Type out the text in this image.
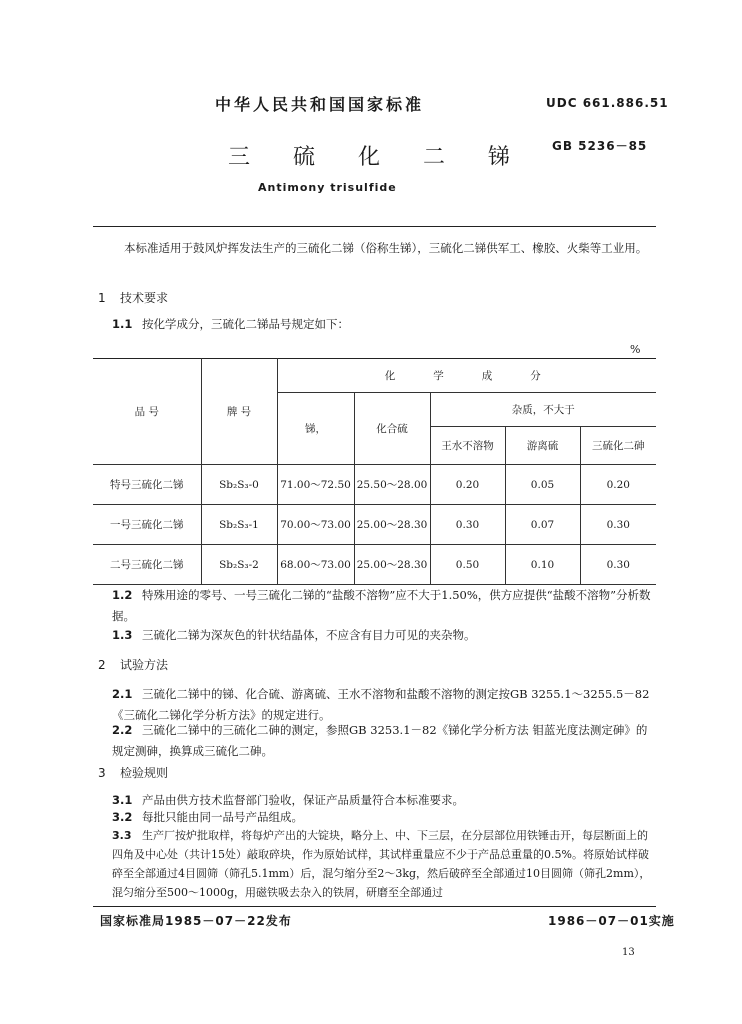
中华人民共和国国家标准	UDC 661.886.51
三 硫 化 二 锑 GB 5236－85
Antimony trisulfide
本标准适用于鼓风炉挥发法生产的三硫化二锑（俗称生锑），三硫化二锑供军工、橡胶、火柴等工业用。
1 技术要求
1.1 按化学成分，三硫化二锑品号规定如下：
%
品 号	牌 号	化学成分				
		锑，	化合硫	杂质，不大于		
				王水不溶物	游离硫	三硫化二砷
特号三硫化二锑	Sb₂S₃-0	71.00～72.50	25.50～28.00	0.20	0.05	0.20
一号三硫化二锑	Sb₂S₃-1	70.00～73.00	25.00～28.30	0.30	0.07	0.30
二号三硫化二锑	Sb₂S₃-2	68.00～73.00	25.00～28.30	0.50	0.10	0.30
1.2 特殊用途的零号、一号三硫化二锑的“盐酸不溶物”应不大于1.50%，供方应提供“盐酸不溶物”分析数据。
1.3 三硫化二锑为深灰色的针状结晶体，不应含有目力可见的夹杂物。
2 试验方法
2.1 三硫化二锑中的锑、化合硫、游离硫、王水不溶物和盐酸不溶物的测定按GB 3255.1～3255.5－82《三硫化二锑化学分析方法》的规定进行。
2.2 三硫化二锑中的三硫化二砷的测定，参照GB 3253.1－82《锑化学分析方法 钼蓝光度法测定砷》的规定测砷，换算成三硫化二砷。
3 检验规则
3.1 产品由供方技术监督部门验收，保证产品质量符合本标准要求。
3.2 每批只能由同一品号产品组成。
3.3 生产厂按炉批取样，将每炉产出的大锭块，略分上、中、下三层，在分层部位用铁锤击开，每层断面上的四角及中心处（共计15处）敲取碎块，作为原始试样，其试样重量应不少于产品总重量的0.5%。将原始试样破碎至全部通过4目圆筛（筛孔5.1mm）后，混匀缩分至2～3kg，然后破碎至全部通过10目圆筛（筛孔2mm），混匀缩分至500～1000g，用磁铁吸去杂入的铁屑，研磨至全部通过
国家标准局1985－07－22发布	1986－07－01实施
13
